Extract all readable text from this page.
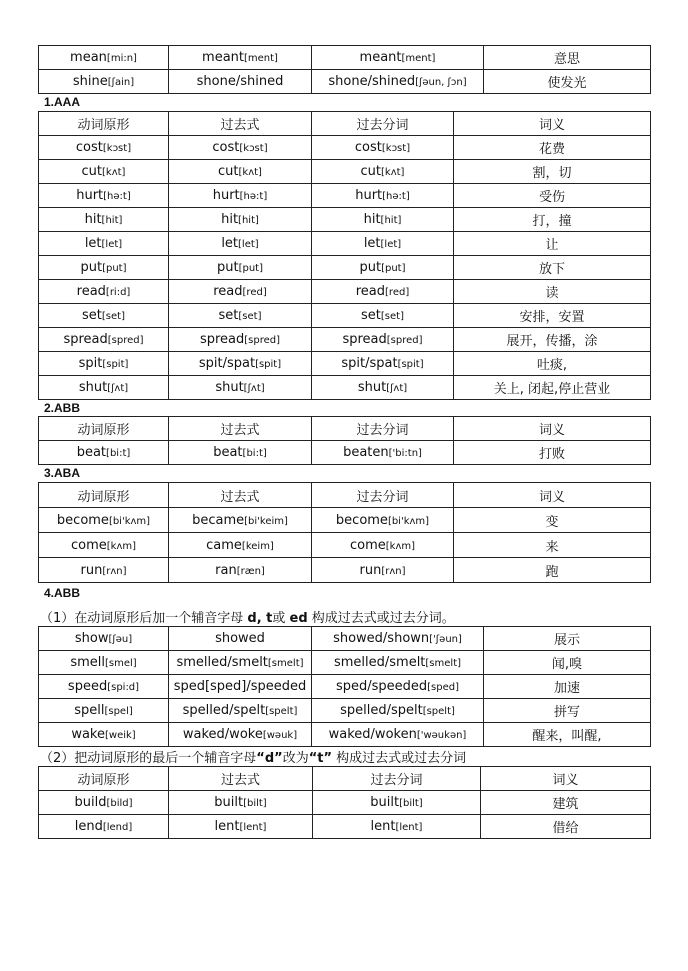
mean[mi:n]	meant[ment]	meant[ment]	意思
shine[ʃain]	shone/shined	shone/shined[ʃəun, ʃɔn]	使发光
1.AAA
动词原形	过去式	过去分词	词义
cost[kɔst]	cost[kɔst]	cost[kɔst]	花费
cut[kʌt]	cut[kʌt]	cut[kʌt]	割，切
hurt[hə:t]	hurt[hə:t]	hurt[hə:t]	受伤
hit[hit]	hit[hit]	hit[hit]	打，撞
let[let]	let[let]	let[let]	让
put[put]	put[put]	put[put]	放下
read[ri:d]	read[red]	read[red]	读
set[set]	set[set]	set[set]	安排，安置
spread[spred]	spread[spred]	spread[spred]	展开，传播，涂
spit[spit]	spit/spat[spit]	spit/spat[spit]	吐痰,
shut[ʃʌt]	shut[ʃʌt]	shut[ʃʌt]	关上, 闭起,停止营业
2.ABB
动词原形	过去式	过去分词	词义
beat[bi:t]	beat[bi:t]	beaten['bi:tn]	打败
3.ABA
动词原形	过去式	过去分词	词义
become[bi'kʌm]	became[bi'keim]	become[bi'kʌm]	变
come[kʌm]	came[keim]	come[kʌm]	来
run[rʌn]	ran[ræn]	run[rʌn]	跑
4.ABB
（1）在动词原形后加一个辅音字母 d, t或 ed 构成过去式或过去分词。
show[ʃəu]	showed	showed/shown['ʃəun]	展示
smell[smel]	smelled/smelt[smelt]	smelled/smelt[smelt]	闻,嗅
speed[spi:d]	sped[sped]/speeded	sped/speeded[sped]	加速
spell[spel]	spelled/spelt[spelt]	spelled/spelt[spelt]	拼写
wake[weik]	waked/woke[wəuk]	waked/woken['wəukən]	醒来，叫醒,
（2）把动词原形的最后一个辅音字母“d”改为“t” 构成过去式或过去分词
动词原形	过去式	过去分词	词义
build[bild]	built[bilt]	built[bilt]	建筑
lend[lend]	lent[lent]	lent[lent]	借给
